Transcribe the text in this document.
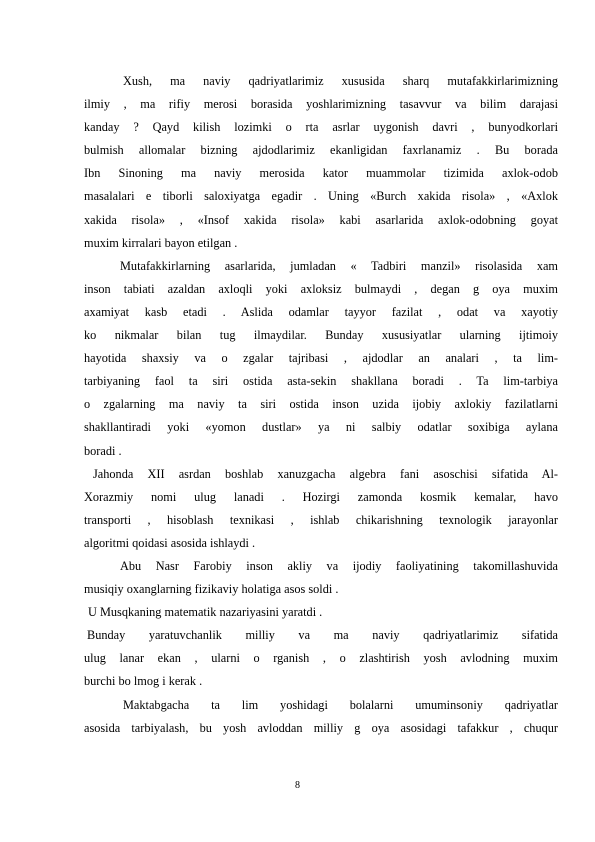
Xush, ma naviy qadriyatlarimiz xususida sharq mutafakkirlarimizning
ilmiy , ma rifiy merosi borasida yoshlarimizning tasavvur va bilim darajasi
kanday ? Qayd kilish lozimki o rta asrlar uygonish davri , bunyodkorlari
bulmish allomalar bizning ajdodlarimiz ekanligidan faxrlanamiz . Bu borada
Ibn Sinoning ma naviy merosida kator muammolar tizimida axlok-odob
masalalari e tiborli saloxiyatga egadir . Uning «Burch xakida risola» , «Axlok
xakida risola» , «Insof xakida risola» kabi asarlarida axlok-odobning goyat
muxim kirralari bayon etilgan .
Mutafakkirlarning asarlarida, jumladan « Tadbiri manzil» risolasida xam
inson tabiati azaldan axloqli yoki axloksiz bulmaydi , degan g oya muxim
axamiyat kasb etadi . Aslida odamlar tayyor fazilat , odat va xayotiy
ko nikmalar bilan tug ilmaydilar. Bunday xususiyatlar ularning ijtimoiy
hayotida shaxsiy va o zgalar tajribasi , ajdodlar an analari , ta lim-
tarbiyaning faol ta siri ostida asta-sekin shakllana boradi . Ta lim-tarbiya
o zgalarning ma naviy ta siri ostida inson uzida ijobiy axlokiy fazilatlarni
shakllantiradi yoki «yomon dustlar» ya ni salbiy odatlar soxibiga aylana
boradi .
Jahonda XII asrdan boshlab xanuzgacha algebra fani asoschisi sifatida Al-
Xorazmiy nomi ulug lanadi . Hozirgi zamonda kosmik kemalar, havo
transporti , hisoblash texnikasi , ishlab chikarishning texnologik jarayonlar
algoritmi qoidasi asosida ishlaydi .
Abu Nasr Farobiy inson akliy va ijodiy faoliyatining takomillashuvida
musiqiy oxanglarning fizikaviy holatiga asos soldi .
U Musqkaning matematik nazariyasini yaratdi .
Bunday yaratuvchanlik milliy va ma naviy qadriyatlarimiz sifatida
ulug lanar ekan , ularni o rganish , o zlashtirish yosh avlodning muxim
burchi bo lmog i kerak .
Maktabgacha ta lim yoshidagi bolalarni umuminsoniy qadriyatlar
asosida tarbiyalash, bu yosh avloddan milliy g oya asosidagi tafakkur , chuqur
8
